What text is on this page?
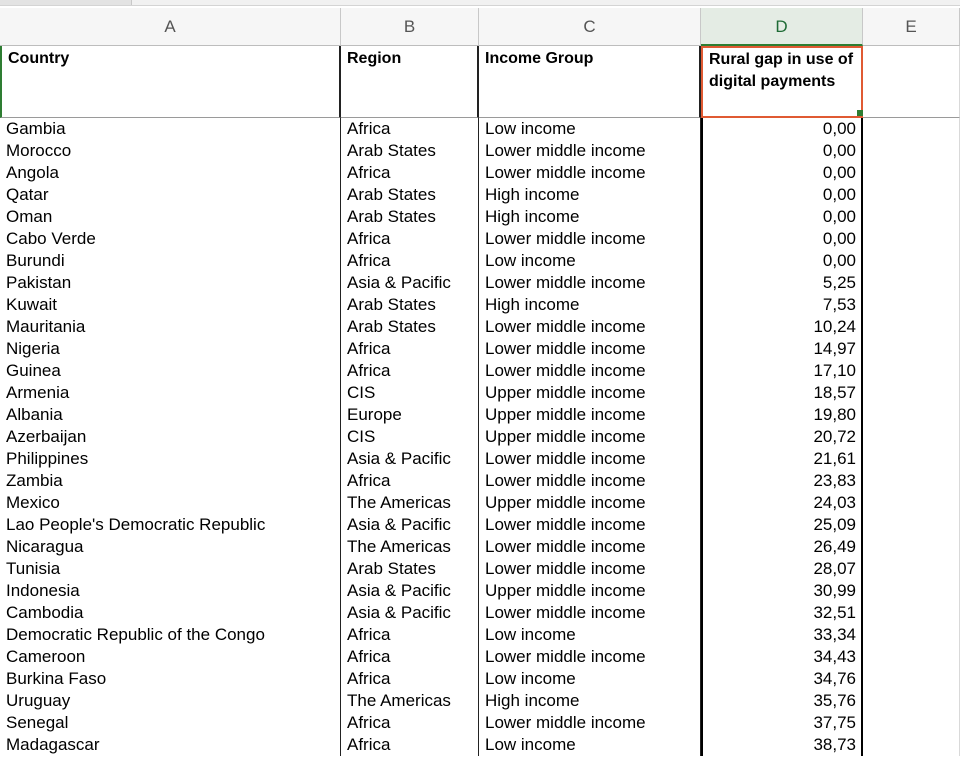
A	B	C	D	E
Country	Region	Income Group	Rural gap in use of digital payments
Gambia	Africa	Low income	0,00
Morocco	Arab States	Lower middle income	0,00
Angola	Africa	Lower middle income	0,00
Qatar	Arab States	High income	0,00
Oman	Arab States	High income	0,00
Cabo Verde	Africa	Lower middle income	0,00
Burundi	Africa	Low income	0,00
Pakistan	Asia & Pacific	Lower middle income	5,25
Kuwait	Arab States	High income	7,53
Mauritania	Arab States	Lower middle income	10,24
Nigeria	Africa	Lower middle income	14,97
Guinea	Africa	Lower middle income	17,10
Armenia	CIS	Upper middle income	18,57
Albania	Europe	Upper middle income	19,80
Azerbaijan	CIS	Upper middle income	20,72
Philippines	Asia & Pacific	Lower middle income	21,61
Zambia	Africa	Lower middle income	23,83
Mexico	The Americas	Upper middle income	24,03
Lao People's Democratic Republic	Asia & Pacific	Lower middle income	25,09
Nicaragua	The Americas	Lower middle income	26,49
Tunisia	Arab States	Lower middle income	28,07
Indonesia	Asia & Pacific	Upper middle income	30,99
Cambodia	Asia & Pacific	Lower middle income	32,51
Democratic Republic of the Congo	Africa	Low income	33,34
Cameroon	Africa	Lower middle income	34,43
Burkina Faso	Africa	Low income	34,76
Uruguay	The Americas	High income	35,76
Senegal	Africa	Lower middle income	37,75
Madagascar	Africa	Low income	38,73
